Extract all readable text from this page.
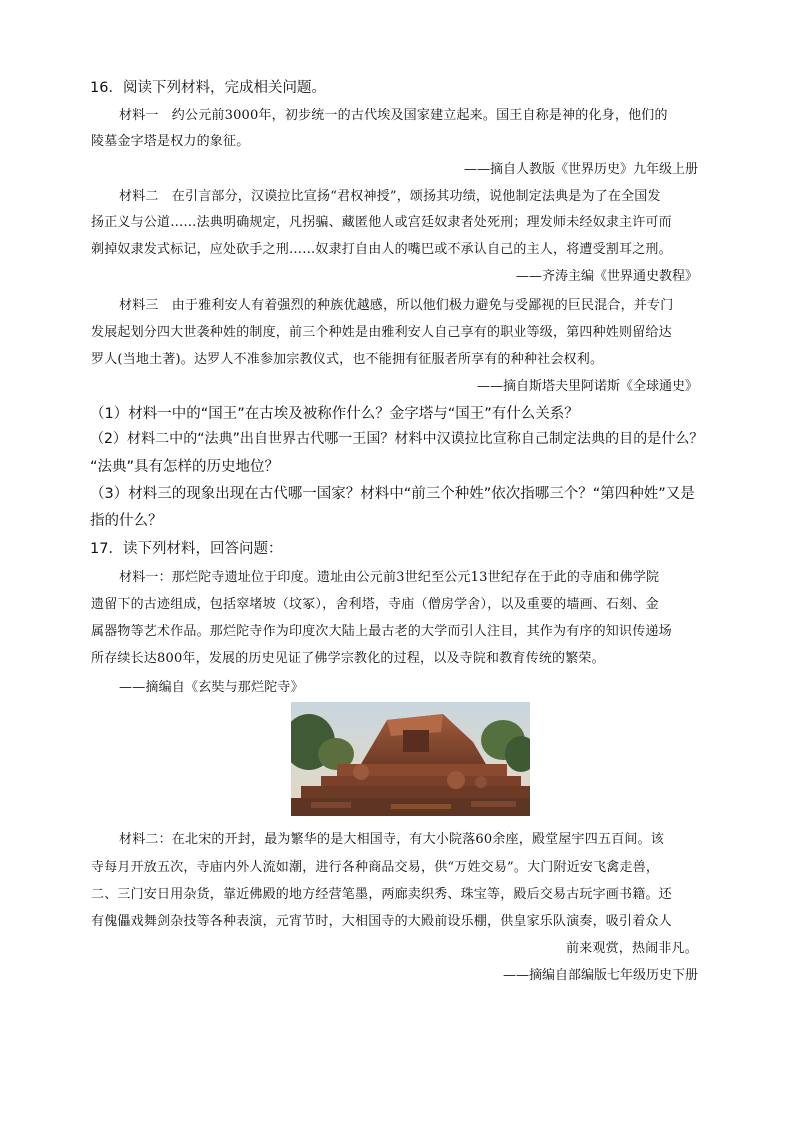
16．阅读下列材料，完成相关问题。
材料一　约公元前3000年，初步统一的古代埃及国家建立起来。国王自称是神的化身，他们的
陵墓金字塔是权力的象征。
——摘自人教版《世界历史》九年级上册
材料二　在引言部分，汉谟拉比宣扬“君权神授”，颂扬其功绩，说他制定法典是为了在全国发
扬正义与公道……法典明确规定，凡拐骗、藏匿他人或宫廷奴隶者处死刑；理发师未经奴隶主许可而
剃掉奴隶发式标记，应处砍手之刑……奴隶打自由人的嘴巴或不承认自己的主人，将遭受割耳之刑。
——齐涛主编《世界通史教程》
材料三　由于雅利安人有着强烈的种族优越感，所以他们极力避免与受鄙视的巨民混合，并专门
发展起划分四大世袭种姓的制度，前三个种姓是由雅利安人自己享有的职业等级，第四种姓则留给达
罗人(当地土著)。达罗人不准参加宗教仪式，也不能拥有征服者所享有的种种社会权利。
——摘自斯塔夫里阿诺斯《全球通史》
（1）材料一中的“国王”在古埃及被称作什么？金字塔与“国王”有什么关系？
（2）材料二中的“法典”出自世界古代哪一王国？材料中汉谟拉比宣称自己制定法典的目的是什么？
“法典”具有怎样的历史地位？
（3）材料三的现象出现在古代哪一国家？材料中“前三个种姓”依次指哪三个？“第四种姓”又是
指的什么？
17．读下列材料，回答问题：
材料一：那烂陀寺遗址位于印度。遗址由公元前3世纪至公元13世纪存在于此的寺庙和佛学院
遗留下的古迹组成，包括窣堵坡（坟冢），舍利塔，寺庙（僧房学舍），以及重要的墙画、石刻、金
属器物等艺术作品。那烂陀寺作为印度次大陆上最古老的大学而引人注目，其作为有序的知识传递场
所存续长达800年，发展的历史见证了佛学宗教化的过程，以及寺院和教育传统的繁荣。
——摘编自《玄奘与那烂陀寺》
材料二：在北宋的开封，最为繁华的是大相国寺，有大小院落60余座，殿堂屋宇四五百间。该
寺每月开放五次，寺庙内外人流如潮，进行各种商品交易，供“万姓交易”。大门附近安飞禽走兽，
二、三门安日用杂货，靠近佛殿的地方经营笔墨，两廊卖织秀、珠宝等，殿后交易古玩字画书籍。还
有傀儡戏舞剑杂技等各种表演，元宵节时，大相国寺的大殿前设乐棚，供皇家乐队演奏，吸引着众人
前来观赏，热闹非凡。
——摘编自部编版七年级历史下册
